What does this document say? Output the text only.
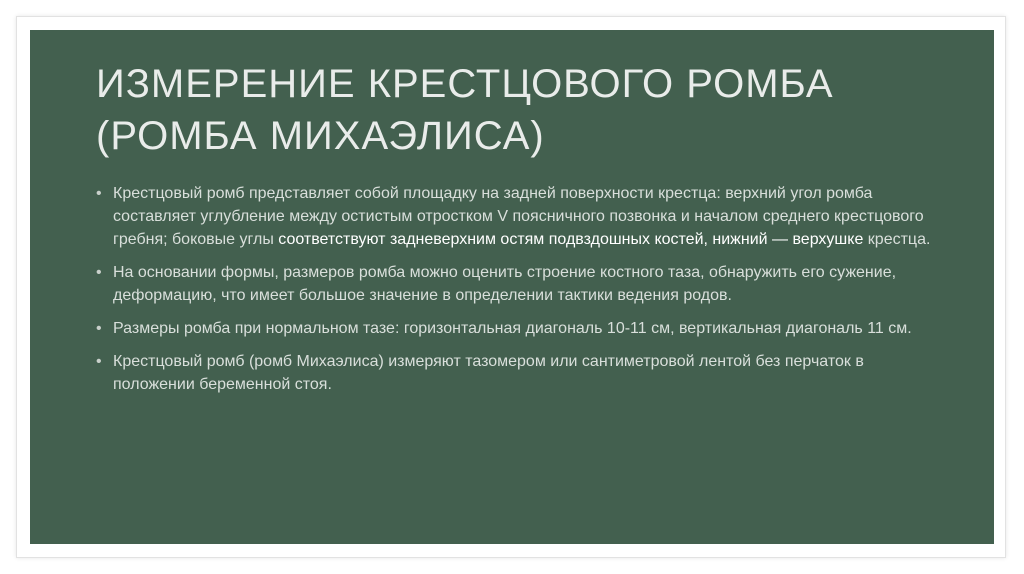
ИЗМЕРЕНИЕ КРЕСТЦОВОГО РОМБА (РОМБА МИХАЭЛИСА)
• Крестцовый ромб представляет собой площадку на задней поверхности крестца: верхний угол ромба составляет углубление между остистым отростком V поясничного позвонка и началом среднего крестцового гребня; боковые углы соответствуют задневерхним остям подвздошных костей, нижний — верхушке крестца.
• На основании формы, размеров ромба можно оценить строение костного таза, обнаружить его сужение, деформацию, что имеет большое значение в определении тактики ведения родов.
• Размеры ромба при нормальном тазе: горизонтальная диагональ 10-11 см, вертикальная диагональ 11 см.
• Крестцовый ромб (ромб Михаэлиса) измеряют тазомером или сантиметровой лентой без перчаток в положении беременной стоя.
